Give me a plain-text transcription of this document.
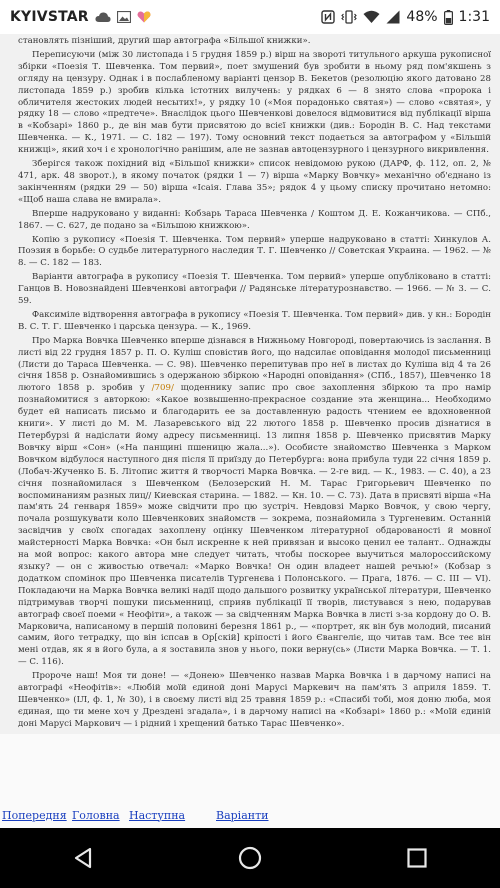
KYIVSTAR	48% 1:31

становлять пізніший, другий шар автографа «Більшої книжки».

Переписуючи (між 30 листопада і 5 грудня 1859 р.) вірш на звороті титульного аркуша рукописної збірки «Поезія Т. Шевченка. Том первий», поет змушений був зробити в ньому ряд пом'якшень з огляду на цензуру. Однак і в послабленому варіанті цензор В. Бекетов (резолюцію якого датовано 28 листопада 1859 р.) зробив кілька істотних вилучень: у рядках 6 — 8 знято слова «пророка і обличителя жестоких людей несытих!», у рядку 10 («Моя порадонько святая») — слово «святая», у рядку 18 — слово «предтече». Внаслідок цього Шевченкові довелося відмовитися від публікації вірша в «Кобзарі» 1860 р., де він мав бути присвятою до всієї книжки (див.: Бородін В. С. Над текстами Шевченка. — К., 1971. — С. 182 — 197). Тому основний текст подається за автографом у «Більшій книжці», який хоч і є хронологічно ранішим, але не зазнав автоцензурного і цензурного викривлення.

Зберігся також похідний від «Більшої книжки» список невідомою рукою (ДАРФ, ф. 112, оп. 2, № 471, арк. 48 зворот.), в якому початок (рядки 1 — 7) вірша «Марку Вовчку» механічно об'єднано із закінченням (рядки 29 — 50) вірша «Ісаія. Глава 35»; рядок 4 у цьому списку прочитано нетомно: «Щоб наша слава не вмирала».

Вперше надруковано у виданні: Кобзарь Тараса Шевченка / Коштом Д. Е. Кожанчикова. — СПб., 1867. — С. 627, де подано за «Більшою книжкою».

Копію з рукопису «Поезія Т. Шевченка. Том первий» уперше надруковано в статті: Хинкулов А. Поэзия в борьбе: О судьбе литературного наследия Т. Г. Шевченко // Советская Украина. — 1962. — № 8. — С. 182 — 183.

Варіанти автографа в рукопису «Поезія Т. Шевченка. Том первий» уперше опубліковано в статті: Ганцов В. Новознайдені Шевченкові автографи // Радянське літературознавство. — 1966. — № 3. — С. 59.

Факсиміле відтворення автографа в рукопису «Поезія Т. Шевченка. Том первий» див. у кн.: Бородін В. С. Т. Г. Шевченко і царська цензура. — К., 1969.

Про Марка Вовчка Шевченко вперше дізнався в Нижньому Новгороді, повертаючись із заслання. В листі від 22 грудня 1857 р. П. О. Куліш сповістив його, що надсилає оповідання молодої письменниці (Листи до Тараса Шевченка. — С. 98). Шевченко перепитував про неї в листах до Куліша від 4 та 26 січня 1858 р. Ознайомившись з одержаною збіркою «Народні оповідання» (СПб., 1857), Шевченко 18 лютого 1858 р. зробив у /709/ щоденнику запис про своє захоплення збіркою та про намір познайомитися з авторкою: «Какое возвышенно-прекрасное создание эта женщина... Необходимо будет ей написать письмо и благодарить ее за доставленную радость чтением ее вдохновенной книги». У листі до М. М. Лазаревського від 22 лютого 1858 р. Шевченко просив дізнатися в Петербурзі й надіслати йому адресу письменниці. 13 липня 1858 р. Шевченко присвятив Марку Вовчку вірш «Сон» («На панщині пшеницю жала...»). Особисте знайомство Шевченка з Марком Вовчком відбулося наступного дня після її приїзду до Петербурга: вона прибула туди 22 січня 1859 р. (Лобач-Жученко Б. Б. Літопис життя й творчості Марка Вовчка. — 2-ге вид. — К., 1983. — С. 40), а 23 січня познайомилася з Шевченком (Белозерский Н. М. Тарас Григорьевич Шевченко по воспоминаниям разных лиц// Киевская старина. — 1882. — Кн. 10. — С. 73). Дата в присвяті вірша «На пам'ять 24 генваря 1859» може свідчити про цю зустріч. Невдовзі Марко Вовчок, у свою чергу, почала розшукувати коло Шевченкових знайомств — зокрема, познайомила з Тургеневим. Останній засвідчив у своїх спогадах захоплену оцінку Шевченком літературної обдарованості й мовної майстерності Марка Вовчка: «Он был искренне к ней привязан и высоко ценил ее талант.. Однажды на мой вопрос: какого автора мне следует читать, чтобы поскорее выучиться малороссийскому языку? — он с живостью отвечал: «Марко Вовчка! Он один владеет нашей речью!» (Кобзар з додатком спомінок про Шевченка писателів Тургенєва і Полонського. — Прага, 1876. — С. ІІІ — VI). Покладаючи на Марка Вовчка великі надії щодо дальшого розвитку української літератури, Шевченко підтримував творчі пошуки письменниці, сприяв публікації її творів, листувався з нею, подарував автограф своєї поеми « Неофіти», а також — за свідченням Марка Вовчка в листі з-за кордону до О. В. Марковича, написаному в першій половині березня 1861 р., — «портрет, як він був молодий, писаний самим, його тетрадку, що він іспсав в Ор[скій] кріпості і його Євангеліє, що читав там. Все теє він мені отдав, як я в його була, а я зоставила знов у нього, поки верну(сь» (Листи Марка Вовчка. — Т. 1. — С. 116).

Пророче наш! Моя ти доне! — «Донею» Шевченко назвав Марка Вовчка і в дарчому написі на автографі «Неофітів»: «Любій моїй єдиной доні Марусі Маркевич на пам'ять 3 априля 1859. Т. Шевченко» (IЛ, ф. 1, № 30), і в своєму листі від 25 травня 1859 р.: «Спасибі тобі, моя доню люба, моя єдиная, що ти мене хоч у Дрездені згадала», і в дарчому написі на «Кобзарі» 1860 р.: «Моїй єдиній доні Марусі Маркович — і рідний і хрещений батько Тарас Шевченко».

Попередня Головна Наступна	Варіанти
